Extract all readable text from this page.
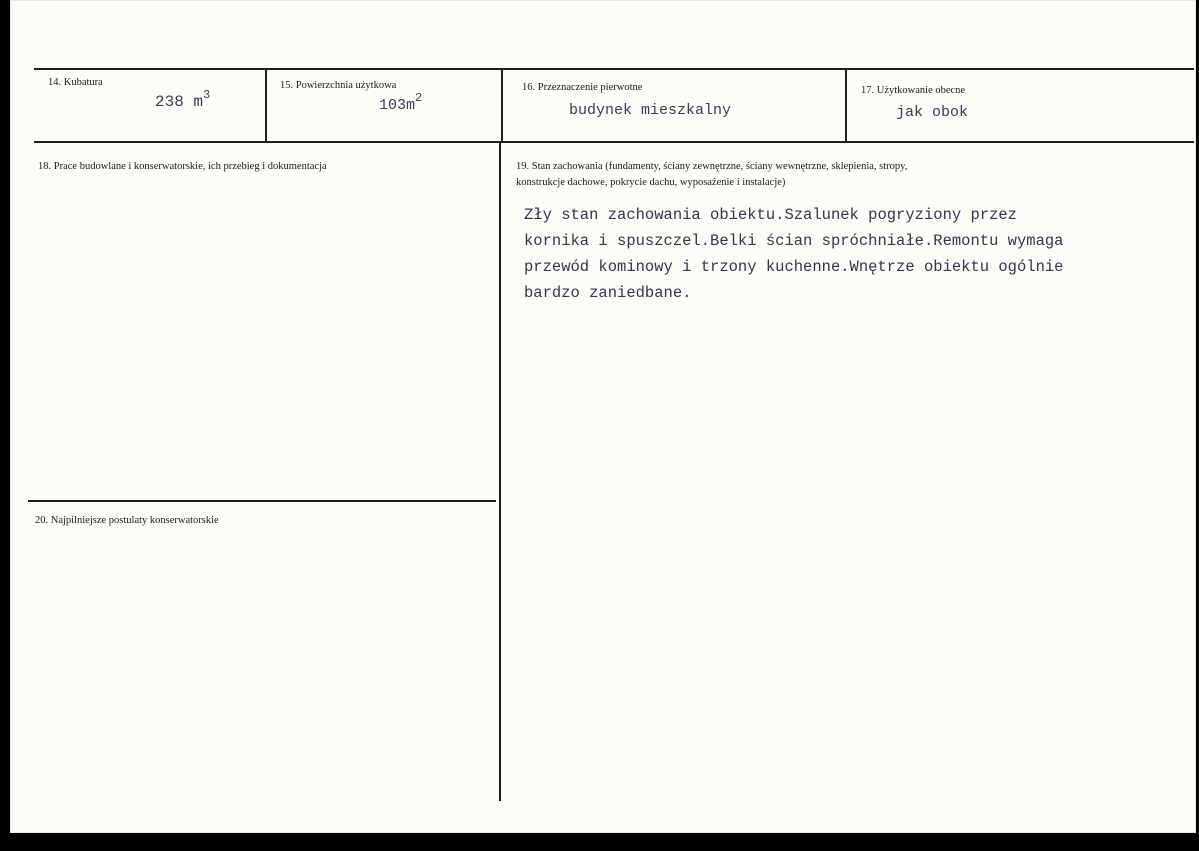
14. Kubatura
238 $m^3$
15. Powierzchnia użytkowa
$103m^2$
16. Przeznaczenie pierwotne
budynek mieszkalny
17. Użytkowanie obecne
jak obok
18. Prace budowlane i konserwatorskie, ich przebieg i dokumentacja	19. Stan zachowania (fundamenty, ściany zewnętrzne, ściany wewnętrzne, sklepienia, stropy,
konstrukcje dachowe, pokrycie dachu, wyposażenie i instalacje)
Zły stan zachowania obiektu.Szalunek pogryziony przez
kornika i spuszczel.Belki ścian spróchniałe.Remontu wymaga
przewód kominowy i trzony kuchenne.Wnętrze obiektu ogólnie
bardzo zaniedbane.
20. Najpilniejsze postulaty konserwatorskie
